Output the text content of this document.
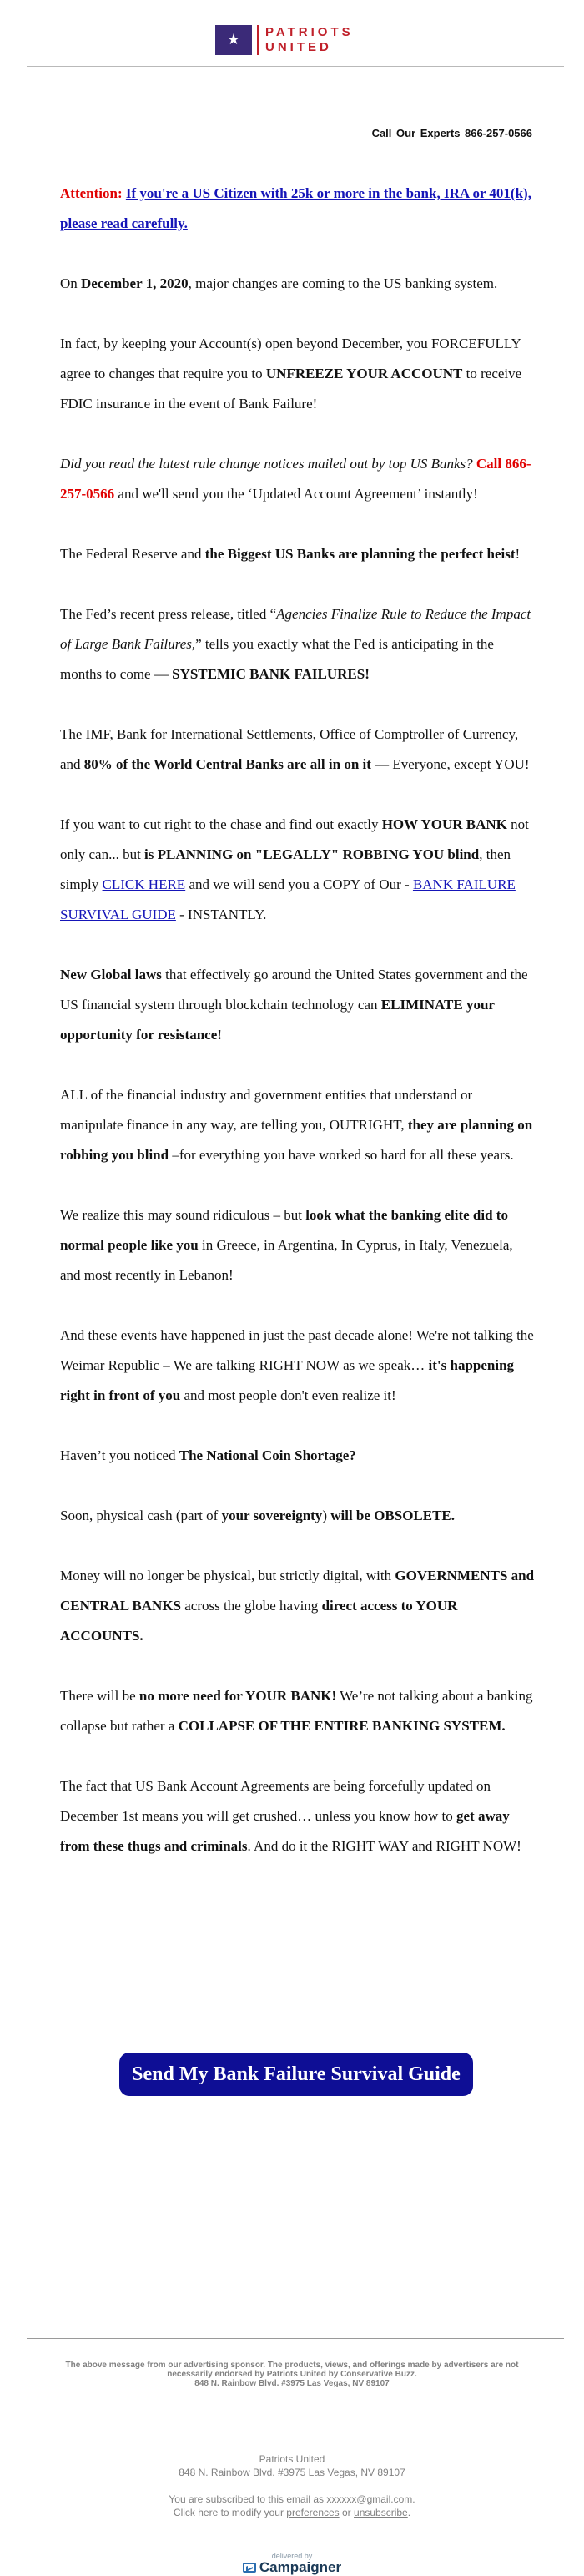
★ PATRIOTS
UNITED
Call Our Experts 866-257-0566

Attention: If you're a US Citizen with 25k or more in the bank, IRA or 401(k), please read carefully.

On December 1, 2020, major changes are coming to the US banking system.

In fact, by keeping your Account(s) open beyond December, you FORCEFULLY agree to changes that require you to UNFREEZE YOUR ACCOUNT to receive FDIC insurance in the event of Bank Failure!

Did you read the latest rule change notices mailed out by top US Banks? Call 866-257-0566 and we'll send you the ‘Updated Account Agreement’ instantly!

The Federal Reserve and the Biggest US Banks are planning the perfect heist!

The Fed’s recent press release, titled “Agencies Finalize Rule to Reduce the Impact of Large Bank Failures,” tells you exactly what the Fed is anticipating in the months to come — SYSTEMIC BANK FAILURES!

The IMF, Bank for International Settlements, Office of Comptroller of Currency, and 80% of the World Central Banks are all in on it — Everyone, except YOU!

If you want to cut right to the chase and find out exactly HOW YOUR BANK not only can... but is PLANNING on "LEGALLY" ROBBING YOU blind, then simply CLICK HERE and we will send you a COPY of Our - BANK FAILURE SURVIVAL GUIDE - INSTANTLY.

New Global laws that effectively go around the United States government and the US financial system through blockchain technology can ELIMINATE your opportunity for resistance!

ALL of the financial industry and government entities that understand or manipulate finance in any way, are telling you, OUTRIGHT, they are planning on robbing you blind –for everything you have worked so hard for all these years.

We realize this may sound ridiculous – but look what the banking elite did to normal people like you in Greece, in Argentina, In Cyprus, in Italy, Venezuela, and most recently in Lebanon!

And these events have happened in just the past decade alone! We're not talking the Weimar Republic – We are talking RIGHT NOW as we speak… it's happening right in front of you and most people don't even realize it!

Haven’t you noticed The National Coin Shortage?

Soon, physical cash (part of your sovereignty) will be OBSOLETE.

Money will no longer be physical, but strictly digital, with GOVERNMENTS and CENTRAL BANKS across the globe having direct access to YOUR ACCOUNTS.

There will be no more need for YOUR BANK! We’re not talking about a banking collapse but rather a COLLAPSE OF THE ENTIRE BANKING SYSTEM.

The fact that US Bank Account Agreements are being forcefully updated on December 1st means you will get crushed… unless you know how to get away from these thugs and criminals. And do it the RIGHT WAY and RIGHT NOW!

Send My Bank Failure Survival Guide
The above message from our advertising sponsor. The products, views, and offerings made by advertisers are not necessarily endorsed by Patriots United by Conservative Buzz.
848 N. Rainbow Blvd. #3975 Las Vegas, NV 89107
Patriots United
848 N. Rainbow Blvd. #3975 Las Vegas, NV 89107
You are subscribed to this email as xxxxxx@gmail.com.
Click here to modify your preferences or unsubscribe.
delivered by
Campaigner
